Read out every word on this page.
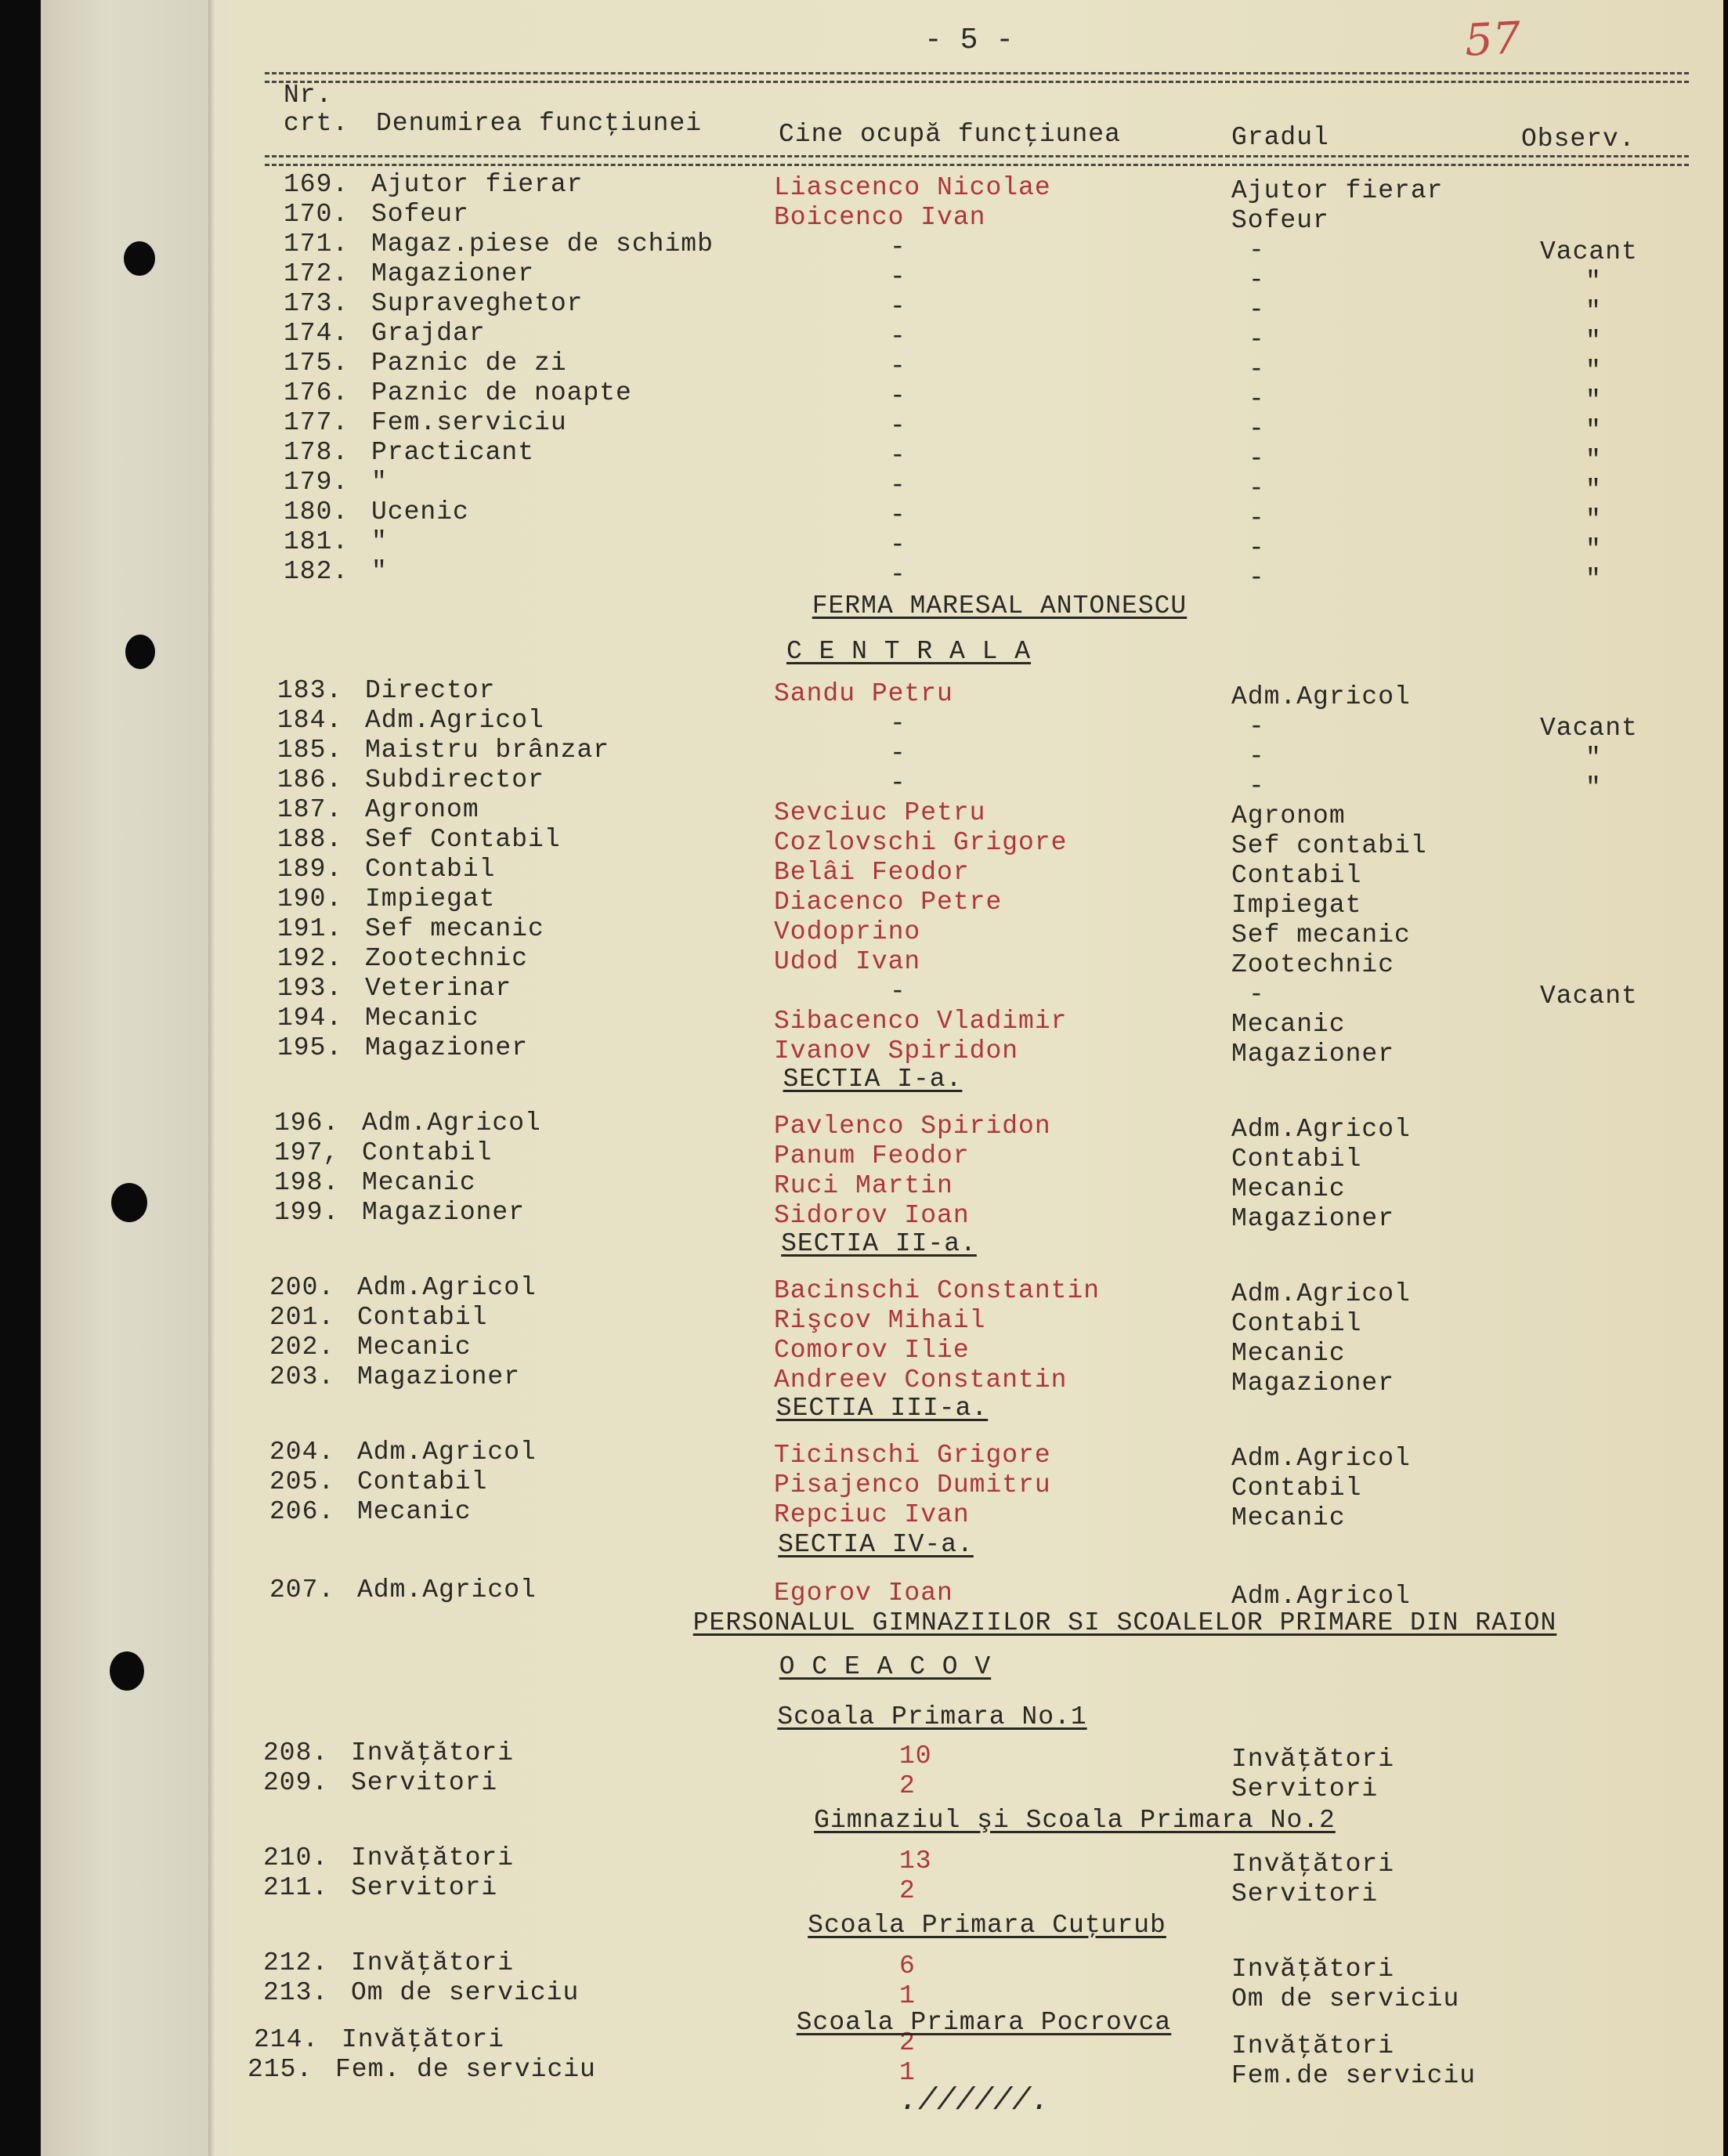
- 5 -	57
Nr.
crt. Denumirea funcţiunei	Cine ocupă funcţiunea	Gradul	Observ.
169. Ajutor fierar	Liascenco Nicolae	Ajutor fierar
170. Sofeur	Boicenco Ivan	Sofeur
171. Magaz.piese de schimb	-	-	Vacant
172. Magazioner	-	-	"
173. Supraveghetor	-	-	"
174. Grajdar	-	-	"
175. Paznic de zi	-	-	"
176. Paznic de noapte	-	-	"
177. Fem.serviciu	-	-	"
178. Practicant	-	-	"
179. "	-	-	"
180. Ucenic	-	-	"
181. "	-	-	"
182. "	-	-	"
183. Director	Sandu Petru	Adm.Agricol
184. Adm.Agricol	-	-	Vacant
185. Maistru brânzar	-	-	"
186. Subdirector	-	-	"
187. Agronom	Sevciuc Petru	Agronom
188. Sef Contabil	Cozlovschi Grigore	Sef contabil
189. Contabil	Belâi Feodor	Contabil
190. Impiegat	Diacenco Petre	Impiegat
191. Sef mecanic	Vodoprino	Sef mecanic
192. Zootechnic	Udod Ivan	Zootechnic
193. Veterinar	-	-	Vacant
194. Mecanic	Sibacenco Vladimir	Mecanic
195. Magazioner	Ivanov Spiridon	Magazioner
196. Adm.Agricol	Pavlenco Spiridon	Adm.Agricol
197, Contabil	Panum Feodor	Contabil
198. Mecanic	Ruci Martin	Mecanic
199. Magazioner	Sidorov Ioan	Magazioner
200. Adm.Agricol	Bacinschi Constantin	Adm.Agricol
201. Contabil	Rişcov Mihail	Contabil
202. Mecanic	Comorov Ilie	Mecanic
203. Magazioner	Andreev Constantin	Magazioner
204. Adm.Agricol	Ticinschi Grigore	Adm.Agricol
205. Contabil	Pisajenco Dumitru	Contabil
206. Mecanic	Repciuc Ivan	Mecanic
207. Adm.Agricol	Egorov Ioan	Adm.Agricol
208. Invăţători	10	Invăţători
209. Servitori	2	Servitori
210. Invăţători	13	Invăţători
211. Servitori	2	Servitori
212. Invăţători	6	Invăţători
213. Om de serviciu	1	Om de serviciu
214. Invăţători	2	Invăţători
215. Fem. de serviciu	1	Fem.de serviciu
FERMA MARESAL ANTONESCU
C E N T R A L A
SECTIA I-a.
SECTIA II-a.
SECTIA III-a.
SECTIA IV-a.
PERSONALUL GIMNAZIILOR SI SCOALELOR PRIMARE DIN RAION
O C E A C O V
Scoala Primara No.1
Gimnaziul şi Scoala Primara No.2
Scoala Primara Cuţurub
Scoala Primara Pocrovca
.//////.
